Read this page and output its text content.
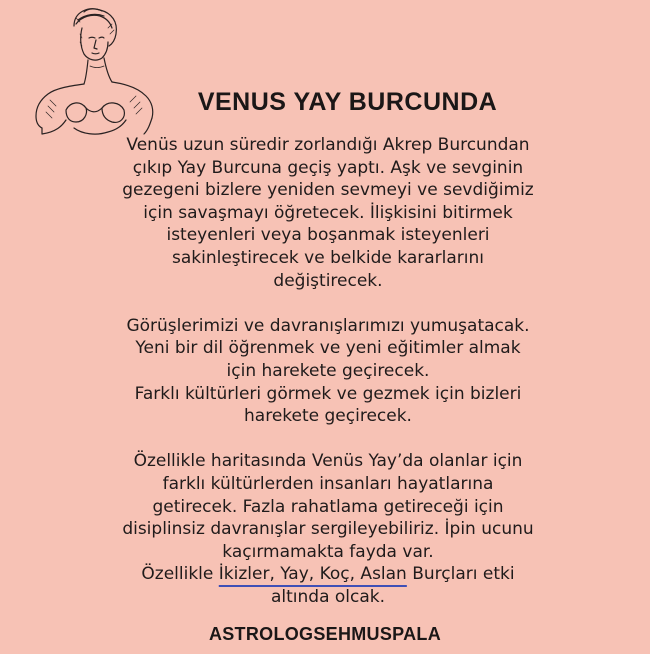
VENUS YAY BURCUNDA

Venüs uzun süredir zorlandığı Akrep Burcundan
çıkıp Yay Burcuna geçiş yaptı. Aşk ve sevginin
gezegeni bizlere yeniden sevmeyi ve sevdiğimiz
için savaşmayı öğretecek. İlişkisini bitirmek
isteyenleri veya boşanmak isteyenleri
sakinleştirecek ve belkide kararlarını
değiştirecek.

Görüşlerimizi ve davranışlarımızı yumuşatacak.
Yeni bir dil öğrenmek ve yeni eğitimler almak
için harekete geçirecek.
Farklı kültürleri görmek ve gezmek için bizleri
harekete geçirecek.

Özellikle haritasında Venüs Yay’da olanlar için
farklı kültürlerden insanları hayatlarına
getirecek. Fazla rahatlama getireceği için
disiplinsiz davranışlar sergileyebiliriz. İpin ucunu
kaçırmamakta fayda var.
Özellikle İkizler, Yay, Koç, Aslan Burçları etki
altında olcak.

ASTROLOGSEHMUSPALA
